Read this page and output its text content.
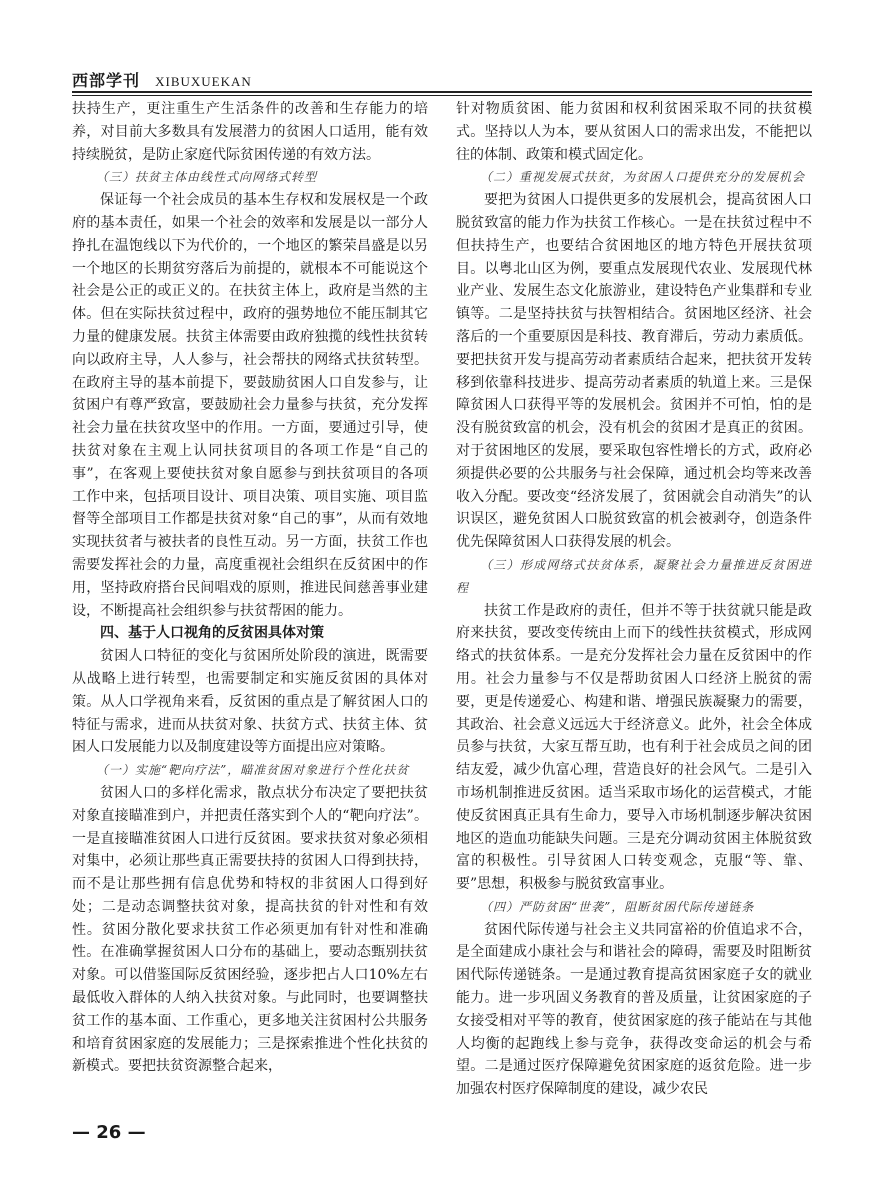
西部学刊 XIBUXUEKAN

扶持生产，更注重生产生活条件的改善和生存能力的培养，对目前大多数具有发展潜力的贫困人口适用，能有效持续脱贫，是防止家庭代际贫困传递的有效方法。

（三）扶贫主体由线性式向网络式转型

保证每一个社会成员的基本生存权和发展权是一个政府的基本责任，如果一个社会的效率和发展是以一部分人挣扎在温饱线以下为代价的，一个地区的繁荣昌盛是以另一个地区的长期贫穷落后为前提的，就根本不可能说这个社会是公正的或正义的。在扶贫主体上，政府是当然的主体。但在实际扶贫过程中，政府的强势地位不能压制其它力量的健康发展。扶贫主体需要由政府独揽的线性扶贫转向以政府主导，人人参与，社会帮扶的网络式扶贫转型。在政府主导的基本前提下，要鼓励贫困人口自发参与，让贫困户有尊严致富，要鼓励社会力量参与扶贫，充分发挥社会力量在扶贫攻坚中的作用。一方面，要通过引导，使扶贫对象在主观上认同扶贫项目的各项工作是“自己的事”，在客观上要使扶贫对象自愿参与到扶贫项目的各项工作中来，包括项目设计、项目决策、项目实施、项目监督等全部项目工作都是扶贫对象“自己的事”，从而有效地实现扶贫者与被扶者的良性互动。另一方面，扶贫工作也需要发挥社会的力量，高度重视社会组织在反贫困中的作用，坚持政府搭台民间唱戏的原则，推进民间慈善事业建设，不断提高社会组织参与扶贫帮困的能力。

四、基于人口视角的反贫困具体对策

贫困人口特征的变化与贫困所处阶段的演进，既需要从战略上进行转型，也需要制定和实施反贫困的具体对策。从人口学视角来看，反贫困的重点是了解贫困人口的特征与需求，进而从扶贫对象、扶贫方式、扶贫主体、贫困人口发展能力以及制度建设等方面提出应对策略。

（一）实施“靶向疗法”，瞄准贫困对象进行个性化扶贫

贫困人口的多样化需求，散点状分布决定了要把扶贫对象直接瞄准到户，并把责任落实到个人的“靶向疗法”。一是直接瞄准贫困人口进行反贫困。要求扶贫对象必须相对集中，必须让那些真正需要扶持的贫困人口得到扶持，而不是让那些拥有信息优势和特权的非贫困人口得到好处；二是动态调整扶贫对象，提高扶贫的针对性和有效性。贫困分散化要求扶贫工作必须更加有针对性和准确性。在准确掌握贫困人口分布的基础上，要动态甄别扶贫对象。可以借鉴国际反贫困经验，逐步把占人口10%左右最低收入群体的人纳入扶贫对象。与此同时，也要调整扶贫工作的基本面、工作重心，更多地关注贫困村公共服务和培育贫困家庭的发展能力；三是探索推进个性化扶贫的新模式。要把扶贫资源整合起来，

针对物质贫困、能力贫困和权利贫困采取不同的扶贫模式。坚持以人为本，要从贫困人口的需求出发，不能把以往的体制、政策和模式固定化。

（二）重视发展式扶贫，为贫困人口提供充分的发展机会

要把为贫困人口提供更多的发展机会，提高贫困人口脱贫致富的能力作为扶贫工作核心。一是在扶贫过程中不但扶持生产，也要结合贫困地区的地方特色开展扶贫项目。以粤北山区为例，要重点发展现代农业、发展现代林业产业、发展生态文化旅游业，建设特色产业集群和专业镇等。二是坚持扶贫与扶智相结合。贫困地区经济、社会落后的一个重要原因是科技、教育滞后，劳动力素质低。要把扶贫开发与提高劳动者素质结合起来，把扶贫开发转移到依靠科技进步、提高劳动者素质的轨道上来。三是保障贫困人口获得平等的发展机会。贫困并不可怕，怕的是没有脱贫致富的机会，没有机会的贫困才是真正的贫困。对于贫困地区的发展，要采取包容性增长的方式，政府必须提供必要的公共服务与社会保障，通过机会均等来改善收入分配。要改变“经济发展了，贫困就会自动消失”的认识误区，避免贫困人口脱贫致富的机会被剥夺，创造条件优先保障贫困人口获得发展的机会。

（三）形成网络式扶贫体系，凝聚社会力量推进反贫困进程

扶贫工作是政府的责任，但并不等于扶贫就只能是政府来扶贫，要改变传统由上而下的线性扶贫模式，形成网络式的扶贫体系。一是充分发挥社会力量在反贫困中的作用。社会力量参与不仅是帮助贫困人口经济上脱贫的需要，更是传递爱心、构建和谐、增强民族凝聚力的需要，其政治、社会意义远远大于经济意义。此外，社会全体成员参与扶贫，大家互帮互助，也有利于社会成员之间的团结友爱，减少仇富心理，营造良好的社会风气。二是引入市场机制推进反贫困。适当采取市场化的运营模式，才能使反贫困真正具有生命力，要导入市场机制逐步解决贫困地区的造血功能缺失问题。三是充分调动贫困主体脱贫致富的积极性。引导贫困人口转变观念，克服“等、靠、要”思想，积极参与脱贫致富事业。

（四）严防贫困“世袭”，阻断贫困代际传递链条

贫困代际传递与社会主义共同富裕的价值追求不合，是全面建成小康社会与和谐社会的障碍，需要及时阻断贫困代际传递链条。一是通过教育提高贫困家庭子女的就业能力。进一步巩固义务教育的普及质量，让贫困家庭的子女接受相对平等的教育，使贫困家庭的孩子能站在与其他人均衡的起跑线上参与竞争，获得改变命运的机会与希望。二是通过医疗保障避免贫困家庭的返贫危险。进一步加强农村医疗保障制度的建设，减少农民

— 26 —
